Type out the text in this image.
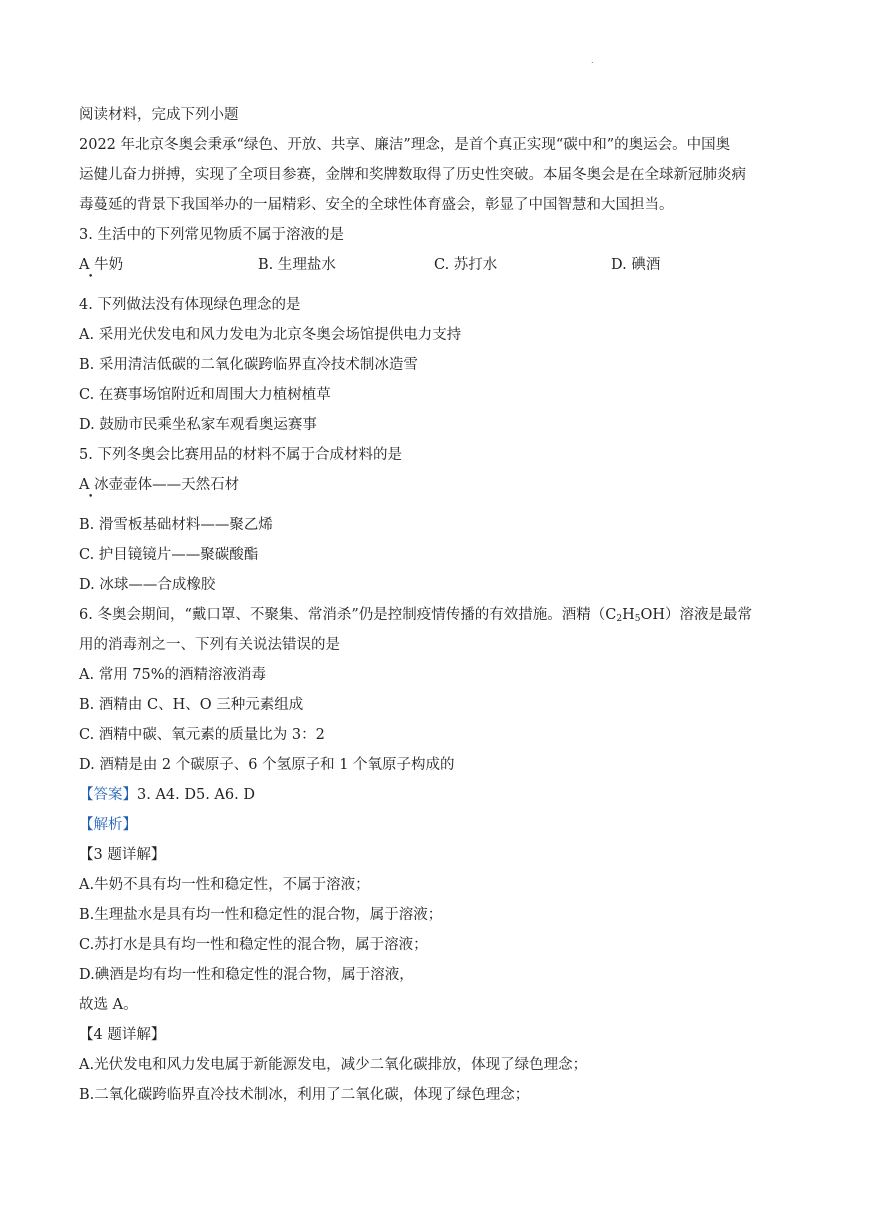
.
阅读材料，完成下列小题
2022 年北京冬奥会秉承“绿色、开放、共享、廉洁”理念，是首个真正实现“碳中和”的奥运会。中国奥
运健儿奋力拼搏，实现了全项目参赛，金牌和奖牌数取得了历史性突破。本届冬奥会是在全球新冠肺炎病
毒蔓延的背景下我国举办的一届精彩、安全的全球性体育盛会，彰显了中国智慧和大国担当。
3. 生活中的下列常见物质不属于溶液的是
A 牛奶	B. 生理盐水	C. 苏打水	D. 碘酒
•
4. 下列做法没有体现绿色理念的是
A. 采用光伏发电和风力发电为北京冬奥会场馆提供电力支持
B. 采用清洁低碳的二氧化碳跨临界直冷技术制冰造雪
C. 在赛事场馆附近和周围大力植树植草
D. 鼓励市民乘坐私家车观看奥运赛事
5. 下列冬奥会比赛用品的材料不属于合成材料的是
A 冰壶壶体——天然石材
•
B. 滑雪板基础材料——聚乙烯
C. 护目镜镜片——聚碳酸酯
D. 冰球——合成橡胶
6. 冬奥会期间，“戴口罩、不聚集、常消杀”仍是控制疫情传播的有效措施。酒精$(C_2H_5OH)$溶液是最常
用的消毒剂之一、下列有关说法错误的是
A. 常用 75%的酒精溶液消毒
B. 酒精由 C、H、O 三种元素组成
C. 酒精中碳、氧元素的质量比为 3：2
D. 酒精是由 2 个碳原子、6 个氢原子和 1 个氧原子构成的
【答案】3. A4. D5. A6. D
【解析】
【3 题详解】
A.牛奶不具有均一性和稳定性，不属于溶液；
B.生理盐水是具有均一性和稳定性的混合物，属于溶液；
C.苏打水是具有均一性和稳定性的混合物，属于溶液；
D.碘酒是均有均一性和稳定性的混合物，属于溶液，
故选 A。
【4 题详解】
A.光伏发电和风力发电属于新能源发电，减少二氧化碳排放，体现了绿色理念；
B.二氧化碳跨临界直冷技术制冰，利用了二氧化碳，体现了绿色理念；
